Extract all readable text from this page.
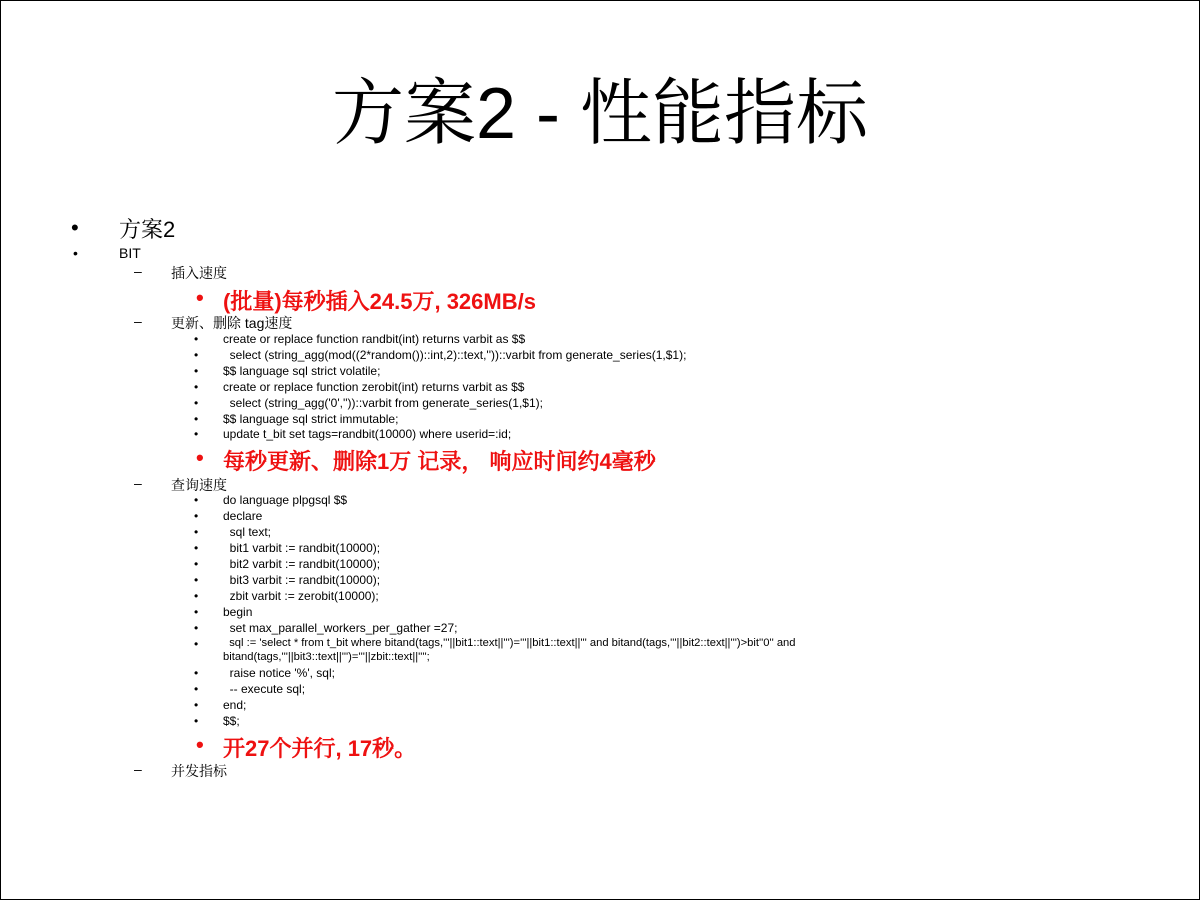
方案2 - 性能指标
• 方案2
•	BIT
– 插入速度
• (批量)每秒插入24.5万, 326MB/s
– 更新、删除 tag速度
• create or replace function randbit(int) returns varbit as $$
• select (string_agg(mod((2*random())::int,2)::text,''))::varbit from generate_series(1,$1);
• $$ language sql strict volatile;
• create or replace function zerobit(int) returns varbit as $$
• select (string_agg('0',''))::varbit from generate_series(1,$1);
• $$ language sql strict immutable;
• update t_bit set tags=randbit(10000) where userid=:id;
• 每秒更新、删除1万 记录， 响应时间约4毫秒
– 查询速度
• do language plpgsql $$
• declare
• sql text;
• bit1 varbit := randbit(10000);
• bit2 varbit := randbit(10000);
• bit3 varbit := randbit(10000);
• zbit varbit := zerobit(10000);
• begin
• set max_parallel_workers_per_gather =27;
• sql := 'select * from t_bit where bitand(tags,'''||bit1::text||''')='''||bit1::text||''' and bitand(tags,'''||bit2::text||''')>bit''0'' and
bitand(tags,'''||bit3::text||''')='''||zbit::text||'''';
• raise notice '%', sql;
• -- execute sql;
• end;
• $$;
• 开27个并行, 17秒。
– 并发指标
